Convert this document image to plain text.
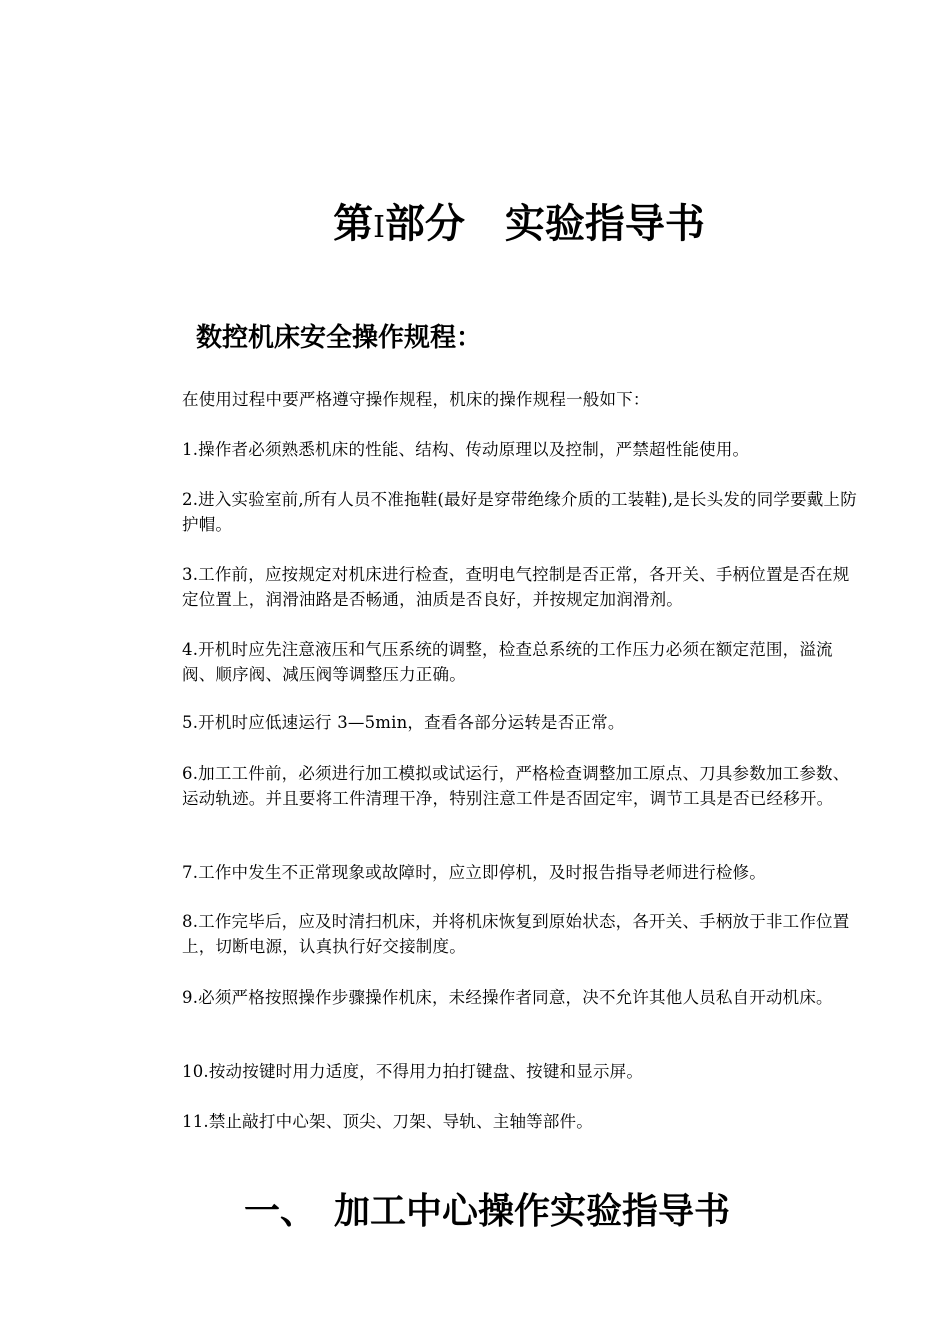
第Ⅰ部分　实验指导书
数控机床安全操作规程：
在使用过程中要严格遵守操作规程，机床的操作规程一般如下：
1.操作者必须熟悉机床的性能、结构、传动原理以及控制，严禁超性能使用。
2.进入实验室前,所有人员不准拖鞋(最好是穿带绝缘介质的工装鞋),是长头发的同学要戴上防护帽。
3.工作前，应按规定对机床进行检查，查明电气控制是否正常，各开关、手柄位置是否在规定位置上，润滑油路是否畅通，油质是否良好，并按规定加润滑剂。
4.开机时应先注意液压和气压系统的调整，检查总系统的工作压力必须在额定范围，溢流阀、顺序阀、减压阀等调整压力正确。
5.开机时应低速运行 3—5min，查看各部分运转是否正常。
6.加工工件前，必须进行加工模拟或试运行，严格检查调整加工原点、刀具参数加工参数、运动轨迹。并且要将工件清理干净，特别注意工件是否固定牢，调节工具是否已经移开。
7.工作中发生不正常现象或故障时，应立即停机，及时报告指导老师进行检修。
8.工作完毕后，应及时清扫机床，并将机床恢复到原始状态，各开关、手柄放于非工作位置上，切断电源，认真执行好交接制度。
9.必须严格按照操作步骤操作机床，未经操作者同意，决不允许其他人员私自开动机床。
10.按动按键时用力适度，不得用力拍打键盘、按键和显示屏。
11.禁止敲打中心架、顶尖、刀架、导轨、主轴等部件。
一、　加工中心操作实验指导书
